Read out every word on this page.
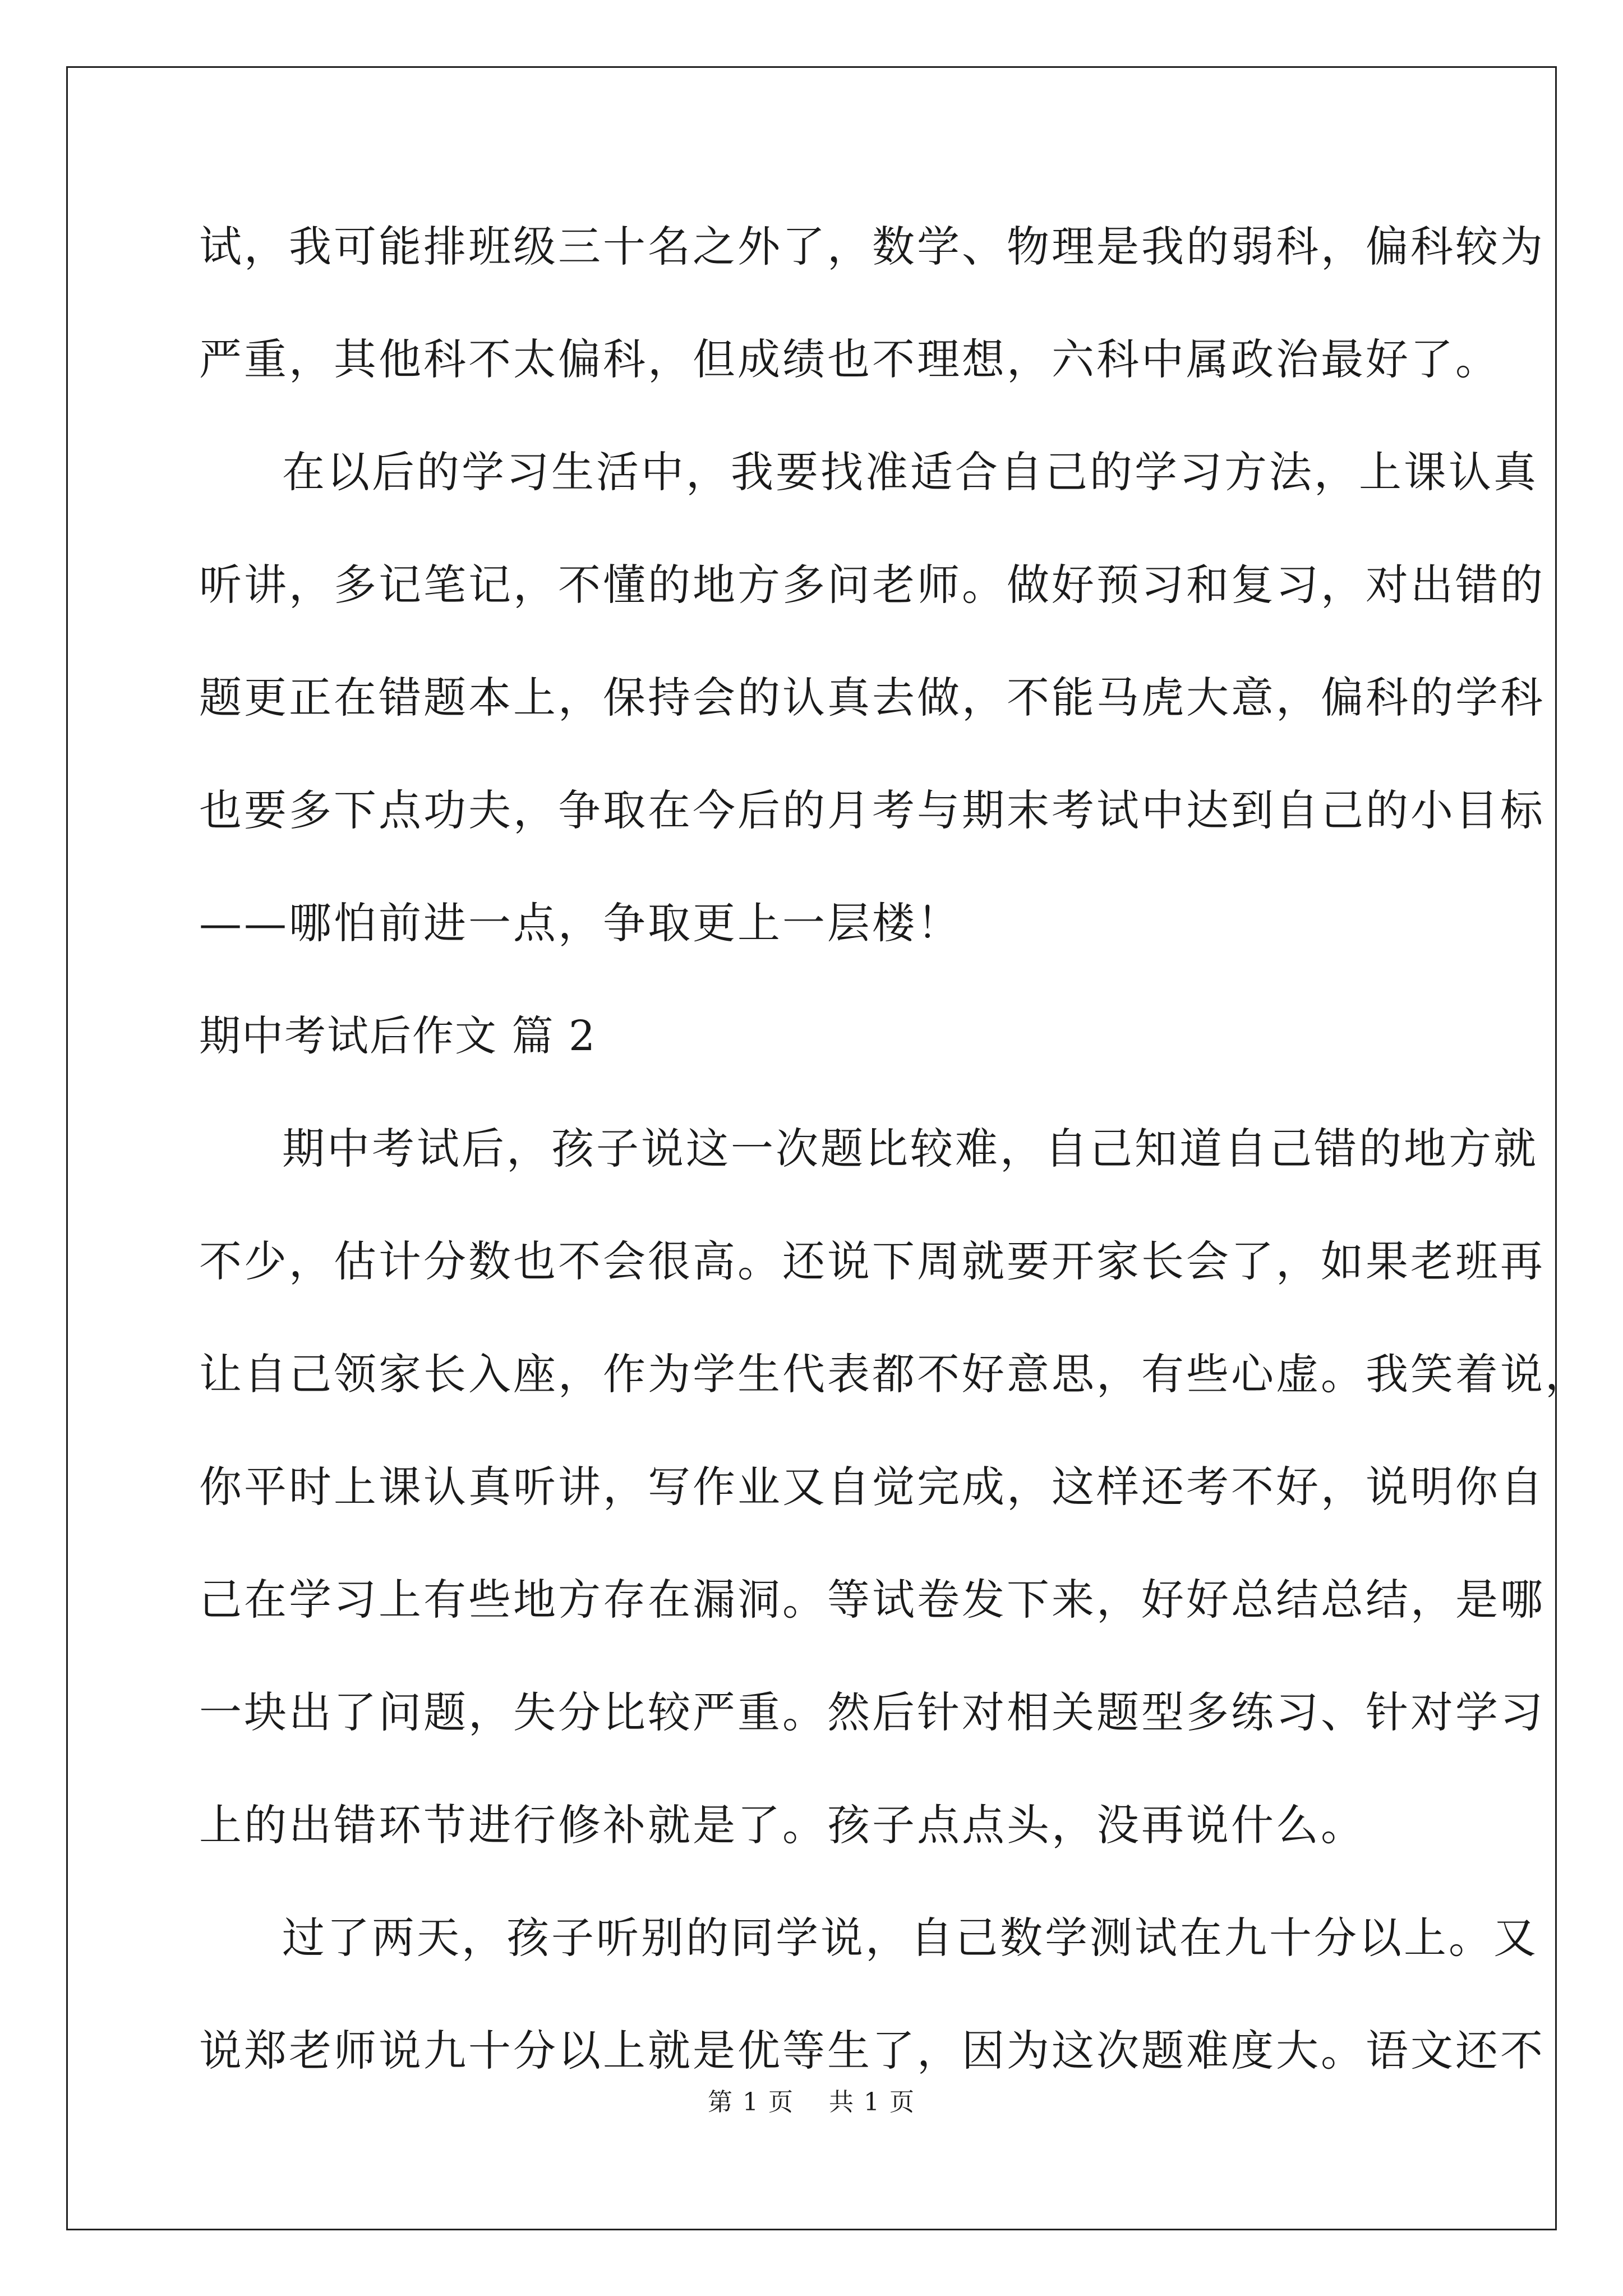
试，我可能排班级三十名之外了，数学、物理是我的弱科，偏科较为
严重，其他科不太偏科，但成绩也不理想，六科中属政治最好了。
在以后的学习生活中，我要找准适合自己的学习方法，上课认真
听讲，多记笔记，不懂的地方多问老师。做好预习和复习，对出错的
题更正在错题本上，保持会的认真去做，不能马虎大意，偏科的学科
也要多下点功夫，争取在今后的月考与期末考试中达到自己的小目标
——哪怕前进一点，争取更上一层楼！
期中考试后作文 篇 2
期中考试后，孩子说这一次题比较难，自己知道自己错的地方就
不少，估计分数也不会很高。还说下周就要开家长会了，如果老班再
让自己领家长入座，作为学生代表都不好意思，有些心虚。我笑着说，
你平时上课认真听讲，写作业又自觉完成，这样还考不好，说明你自
己在学习上有些地方存在漏洞。等试卷发下来，好好总结总结，是哪
一块出了问题，失分比较严重。然后针对相关题型多练习、针对学习
上的出错环节进行修补就是了。孩子点点头，没再说什么。
过了两天，孩子听别的同学说，自己数学测试在九十分以上。又
说郑老师说九十分以上就是优等生了，因为这次题难度大。语文还不
第 1 页 共 1 页
